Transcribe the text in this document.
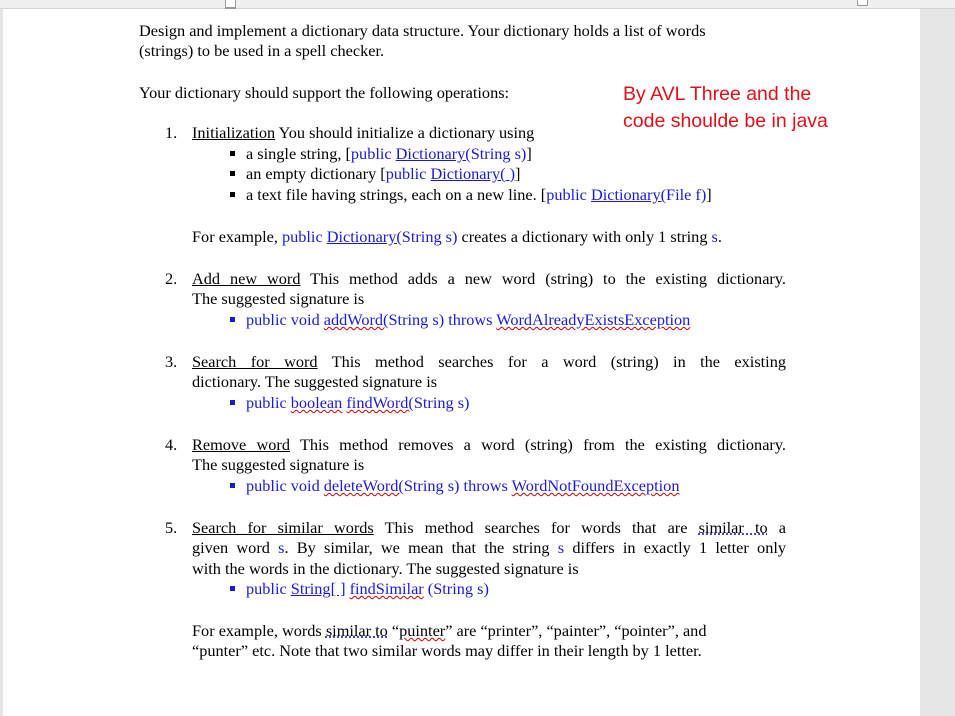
Design and implement a dictionary data structure. Your dictionary holds a list of words
(strings) to be used in a spell checker.
Your dictionary should support the following operations:	By AVL Three and the
code shoulde be in java
1. Initialization You should initialize a dictionary using
a single string, [public Dictionary(String s)]
an empty dictionary [public Dictionary( )]
a text file having strings, each on a new line. [public Dictionary(File f)]
For example, public Dictionary(String s) creates a dictionary with only 1 string s.
2. Add new word This method adds a new word (string) to the existing dictionary.
The suggested signature is
public void addWord(String s) throws WordAlreadyExistsException
3. Search for word This method searches for a word (string) in the existing
dictionary. The suggested signature is
public boolean findWord(String s)
4. Remove word This method removes a word (string) from the existing dictionary.
The suggested signature is
public void deleteWord(String s) throws WordNotFoundException
5. Search for similar words This method searches for words that are similar to a
given word s. By similar, we mean that the string s differs in exactly 1 letter only
with the words in the dictionary. The suggested signature is
public String[ ] findSimilar (String s)
For example, words similar to “puinter” are “printer”, “painter”, “pointer”, and
“punter” etc. Note that two similar words may differ in their length by 1 letter.
